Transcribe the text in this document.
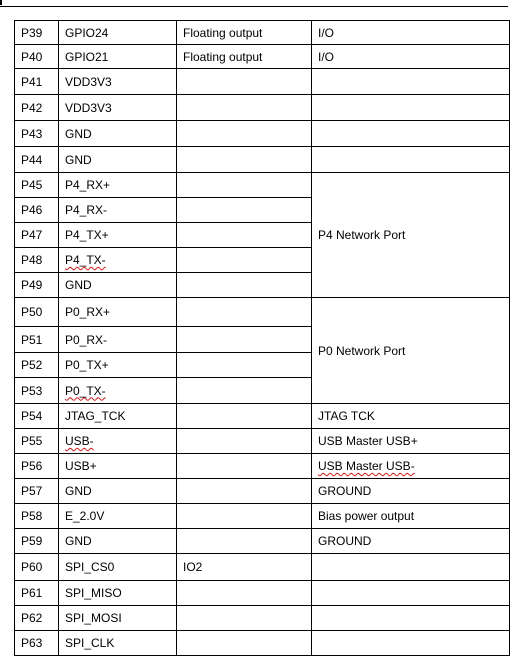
P39	GPIO24	Floating output	I/O
P40	GPIO21	Floating output	I/O
P41	VDD3V3		
P42	VDD3V3		
P43	GND		
P44	GND		
P45	P4_RX+		P4 Network Port
P46	P4_RX-		
P47	P4_TX+		
P48	P4_TX-		
P49	GND		
P50	P0_RX+		P0 Network Port
P51	P0_RX-		
P52	P0_TX+		
P53	P0_TX-		
P54	JTAG_TCK		JTAG TCK
P55	USB-		USB Master USB+
P56	USB+		USB Master USB-
P57	GND		GROUND
P58	E_2.0V		Bias power output
P59	GND		GROUND
P60	SPI_CS0	IO2	
P61	SPI_MISO		
P62	SPI_MOSI		
P63	SPI_CLK		
